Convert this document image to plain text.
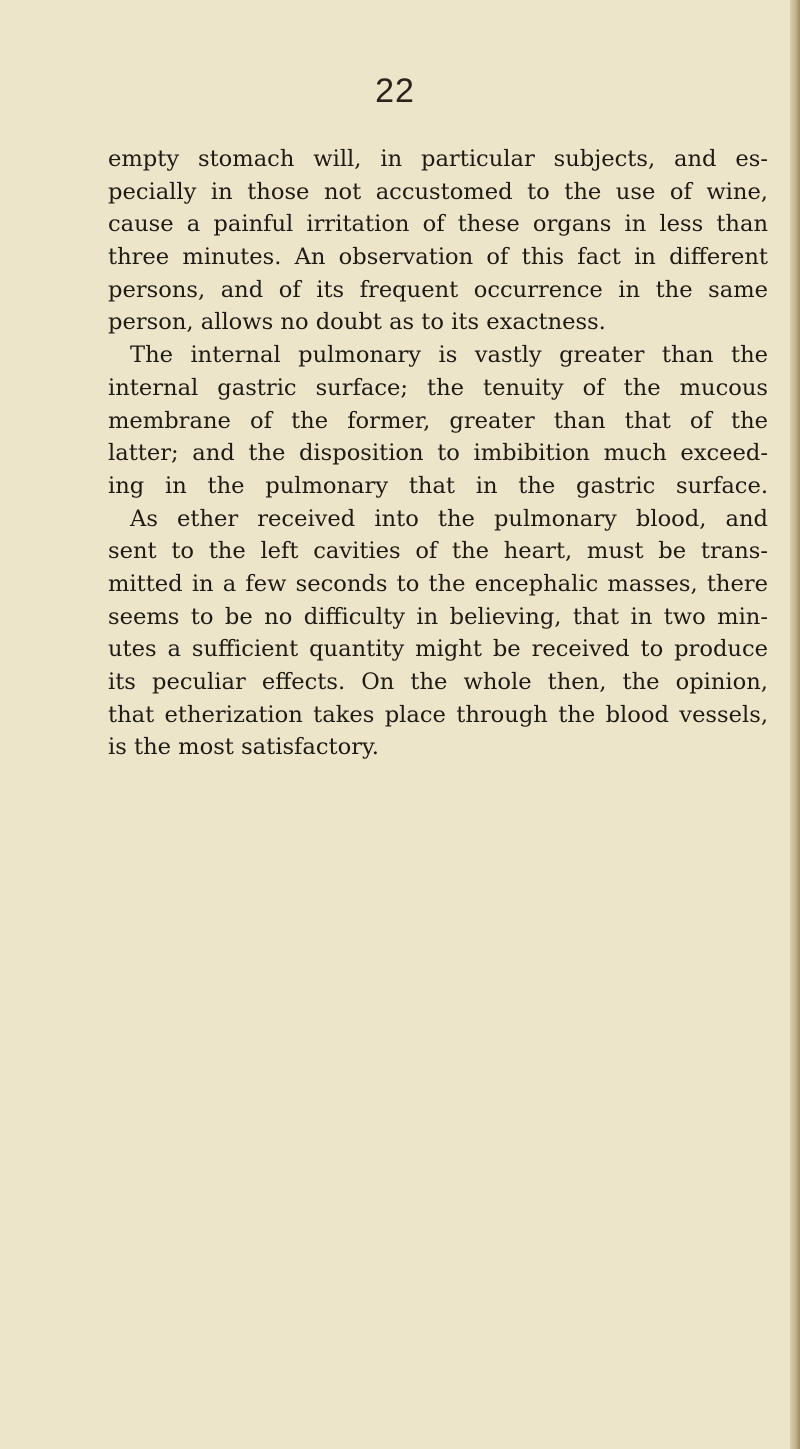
22
empty stomach will, in particular subjects, and es-
pecially in those not accustomed to the use of wine,
cause a painful irritation of these organs in less than
three minutes. An observation of this fact in different
persons, and of its frequent occurrence in the same
person, allows no doubt as to its exactness.
The internal pulmonary is vastly greater than the
internal gastric surface; the tenuity of the mucous
membrane of the former, greater than that of the
latter; and the disposition to imbibition much exceed-
ing in the pulmonary that in the gastric surface.
As ether received into the pulmonary blood, and
sent to the left cavities of the heart, must be trans-
mitted in a few seconds to the encephalic masses, there
seems to be no difficulty in believing, that in two min-
utes a sufficient quantity might be received to produce
its peculiar effects. On the whole then, the opinion,
that etherization takes place through the blood vessels,
is the most satisfactory.
